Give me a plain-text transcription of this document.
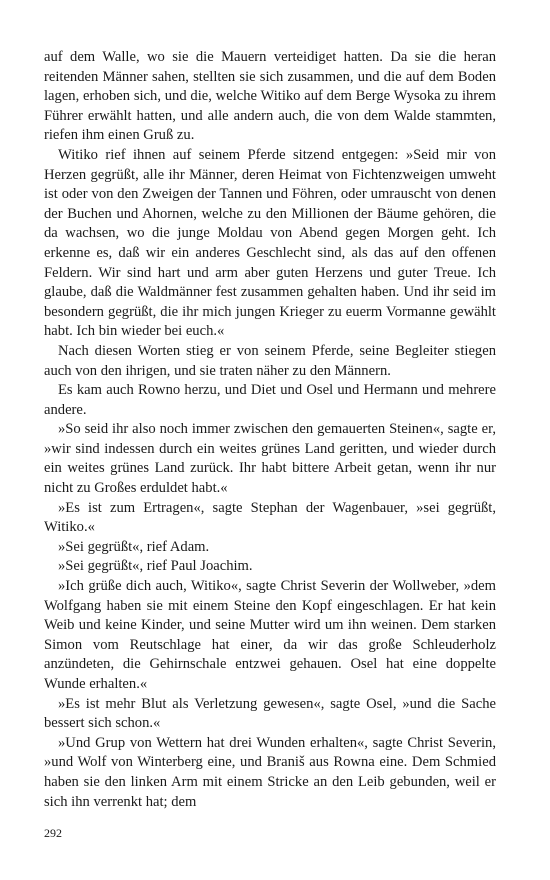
auf dem Walle, wo sie die Mauern verteidiget hatten. Da sie die heran reitenden Männer sahen, stellten sie sich zusammen, und die auf dem Boden lagen, erhoben sich, und die, welche Witiko auf dem Berge Wysoka zu ihrem Führer erwählt hatten, und alle andern auch, die von dem Walde stammten, riefen ihm einen Gruß zu.

Witiko rief ihnen auf seinem Pferde sitzend entgegen: »Seid mir von Herzen gegrüßt, alle ihr Männer, deren Heimat von Fichtenzweigen umweht ist oder von den Zweigen der Tannen und Föhren, oder umrauscht von denen der Buchen und Ahornen, welche zu den Millionen der Bäume gehören, die da wachsen, wo die junge Moldau von Abend gegen Morgen geht. Ich erkenne es, daß wir ein anderes Geschlecht sind, als das auf den offenen Feldern. Wir sind hart und arm aber guten Herzens und guter Treue. Ich glaube, daß die Waldmänner fest zusammen gehalten haben. Und ihr seid im besondern gegrüßt, die ihr mich jungen Krieger zu euerm Vormanne gewählt habt. Ich bin wieder bei euch.«

Nach diesen Worten stieg er von seinem Pferde, seine Begleiter stiegen auch von den ihrigen, und sie traten näher zu den Männern.

Es kam auch Rowno herzu, und Diet und Osel und Hermann und mehrere andere.

»So seid ihr also noch immer zwischen den gemauerten Steinen«, sagte er, »wir sind indessen durch ein weites grünes Land geritten, und wieder durch ein weites grünes Land zurück. Ihr habt bittere Arbeit getan, wenn ihr nur nicht zu Großes erduldet habt.«

»Es ist zum Ertragen«, sagte Stephan der Wagenbauer, »sei gegrüßt, Witiko.«

»Sei gegrüßt«, rief Adam.

»Sei gegrüßt«, rief Paul Joachim.

»Ich grüße dich auch, Witiko«, sagte Christ Severin der Wollweber, »dem Wolfgang haben sie mit einem Steine den Kopf eingeschlagen. Er hat kein Weib und keine Kinder, und seine Mutter wird um ihn weinen. Dem starken Simon vom Reutschlage hat einer, da wir das große Schleuderholz anzündeten, die Gehirnschale entzwei gehauen. Osel hat eine doppelte Wunde erhalten.«

»Es ist mehr Blut als Verletzung gewesen«, sagte Osel, »und die Sache bessert sich schon.«

»Und Grup von Wettern hat drei Wunden erhalten«, sagte Christ Severin, »und Wolf von Winterberg eine, und Braniš aus Rowna eine. Dem Schmied haben sie den linken Arm mit einem Stricke an den Leib gebunden, weil er sich ihn verrenkt hat; dem

292
